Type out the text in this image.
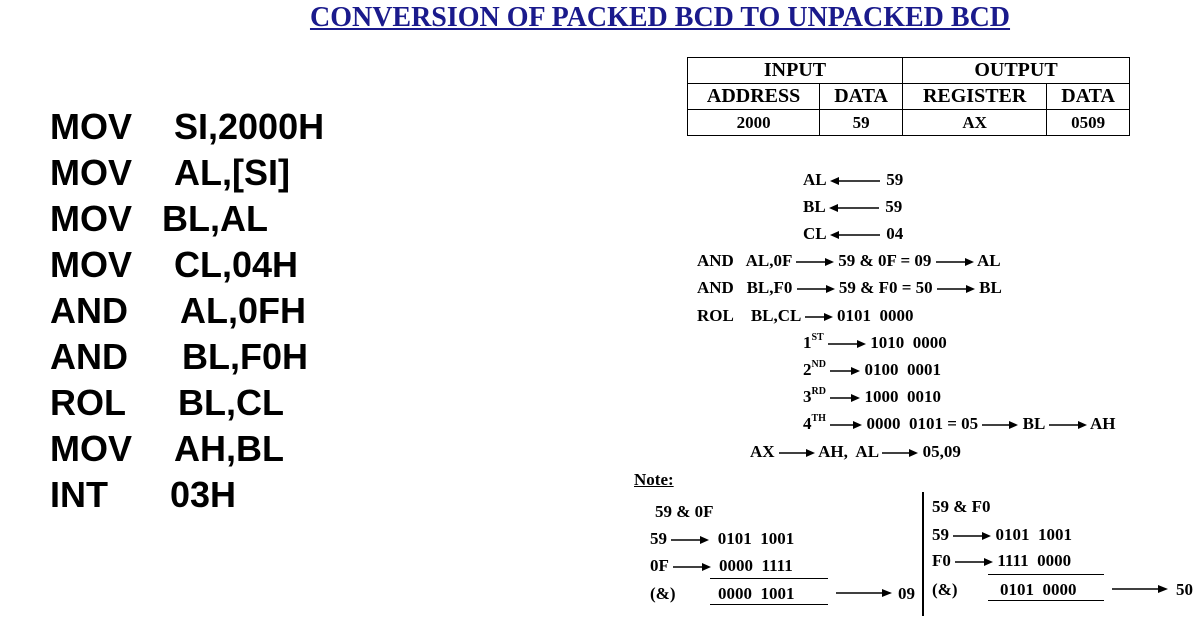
CONVERSION OF PACKED BCD TO UNPACKED BCD
MOV SI,2000H
MOV AL,[SI]
MOV BL,AL
MOV CL,04H
AND AL,0FH
AND BL,F0H
ROL BL,CL
MOV AH,BL
INT 03H
INPUT		OUTPUT	
ADDRESS	DATA	REGISTER	DATA
2000	59	AX	0509
AL	59
BL	59
CL	04
AND AL,0F	59 & 0F = 09	AL
AND BL,F0	59 & F0 = 50	BL
ROL BL,CL 0101  0000
1ST	1010  0000
2ND 0100  0001
3RD 1000  0010
4TH 0000  0101 = 05	BL	AH
AX	AH,  AL	05,09
Note:
59 & 0F
59	0101  1001
0F	0000  1111
(&)	0000  1001	09
59 & F0
59	0101  1001
F0	1111  0000
(&)	0101  0000	50
